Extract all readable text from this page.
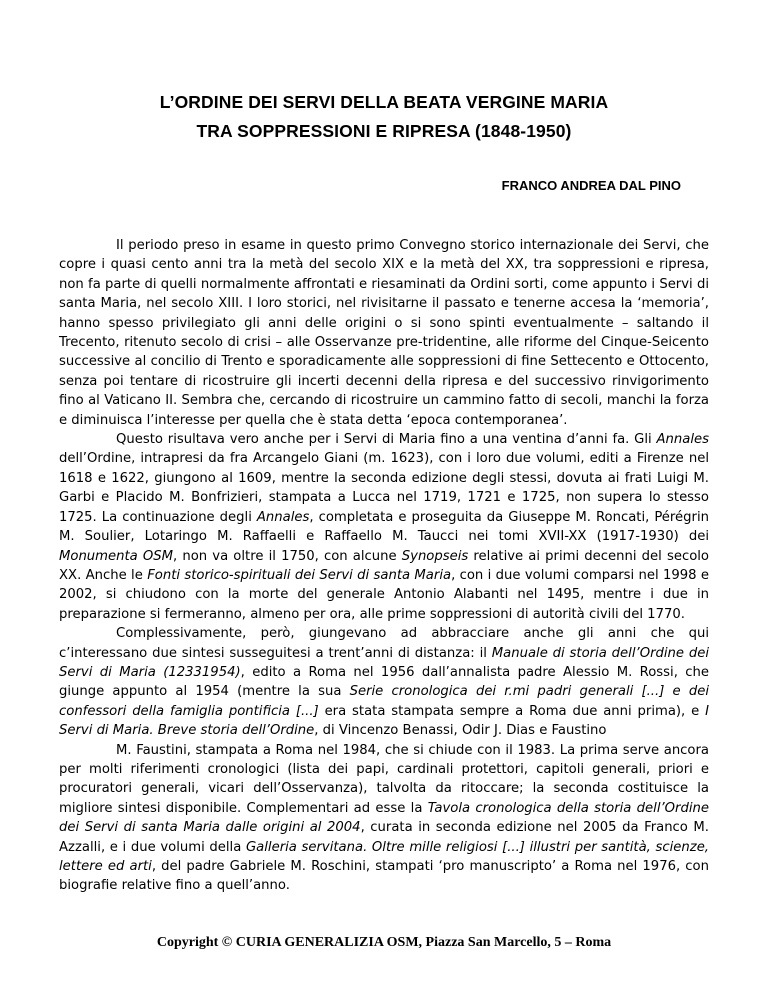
L’ORDINE DEI SERVI DELLA BEATA VERGINE MARIA
TRA SOPPRESSIONI E RIPRESA (1848-1950)
FRANCO ANDREA DAL PINO

Il periodo preso in esame in questo primo Convegno storico internazionale dei Servi, che copre i quasi cento anni tra la metà del secolo XIX e la metà del XX, tra soppressioni e ripresa, non fa parte di quelli normalmente affrontati e riesaminati da Ordini sorti, come appunto i Servi di santa Maria, nel secolo XIII. I loro storici, nel rivisitarne il passato e tenerne accesa la ‘memoria’, hanno spesso privilegiato gli anni delle origini o si sono spinti eventualmente – saltando il Trecento, ritenuto secolo di crisi – alle Osservanze pre-tridentine, alle riforme del Cinque-Seicento successive al concilio di Trento e sporadicamente alle soppressioni di fine Settecento e Ottocento, senza poi tentare di ricostruire gli incerti decenni della ripresa e del successivo rinvigorimento fino al Vaticano II. Sembra che, cercando di ricostruire un cammino fatto di secoli, manchi la forza e diminuisca l’interesse per quella che è stata detta ‘epoca contemporanea’.

Questo risultava vero anche per i Servi di Maria fino a una ventina d’anni fa. Gli Annales dell’Ordine, intrapresi da fra Arcangelo Giani (m. 1623), con i loro due volumi, editi a Firenze nel 1618 e 1622, giungono al 1609, mentre la seconda edizione degli stessi, dovuta ai frati Luigi M. Garbi e Placido M. Bonfrizieri, stampata a Lucca nel 1719, 1721 e 1725, non supera lo stesso 1725. La continuazione degli Annales, completata e proseguita da Giuseppe M. Roncati, Pérégrin M. Soulier, Lotaringo M. Raffaelli e Raffaello M. Taucci nei tomi XVII-XX (1917-1930) dei Monumenta OSM, non va oltre il 1750, con alcune Synopseis relative ai primi decenni del secolo XX. Anche le Fonti storico-spirituali dei Servi di santa Maria, con i due volumi comparsi nel 1998 e 2002, si chiudono con la morte del generale Antonio Alabanti nel 1495, mentre i due in preparazione si fermeranno, almeno per ora, alle prime soppressioni di autorità civili del 1770.

Complessivamente, però, giungevano ad abbracciare anche gli anni che qui c’interessano due sintesi susseguitesi a trent’anni di distanza: il Manuale di storia dell’Ordine dei Servi di Maria (12331954), edito a Roma nel 1956 dall’annalista padre Alessio M. Rossi, che giunge appunto al 1954 (mentre la sua Serie cronologica dei r.mi padri generali [...] e dei confessori della famiglia pontificia [...] era stata stampata sempre a Roma due anni prima), e I Servi di Maria. Breve storia dell’Ordine, di Vincenzo Benassi, Odir J. Dias e Faustino

M. Faustini, stampata a Roma nel 1984, che si chiude con il 1983. La prima serve ancora per molti riferimenti cronologici (lista dei papi, cardinali protettori, capitoli generali, priori e procuratori generali, vicari dell’Osservanza), talvolta da ritoccare; la seconda costituisce la migliore sintesi disponibile. Complementari ad esse la Tavola cronologica della storia dell’Ordine dei Servi di santa Maria dalle origini al 2004, curata in seconda edizione nel 2005 da Franco M. Azzalli, e i due volumi della Galleria servitana. Oltre mille religiosi [...] illustri per santità, scienze, lettere ed arti, del padre Gabriele M. Roschini, stampati ‘pro manuscripto’ a Roma nel 1976, con biografie relative fino a quell’anno.

Copyright © CURIA GENERALIZIA OSM, Piazza San Marcello, 5 – Roma
